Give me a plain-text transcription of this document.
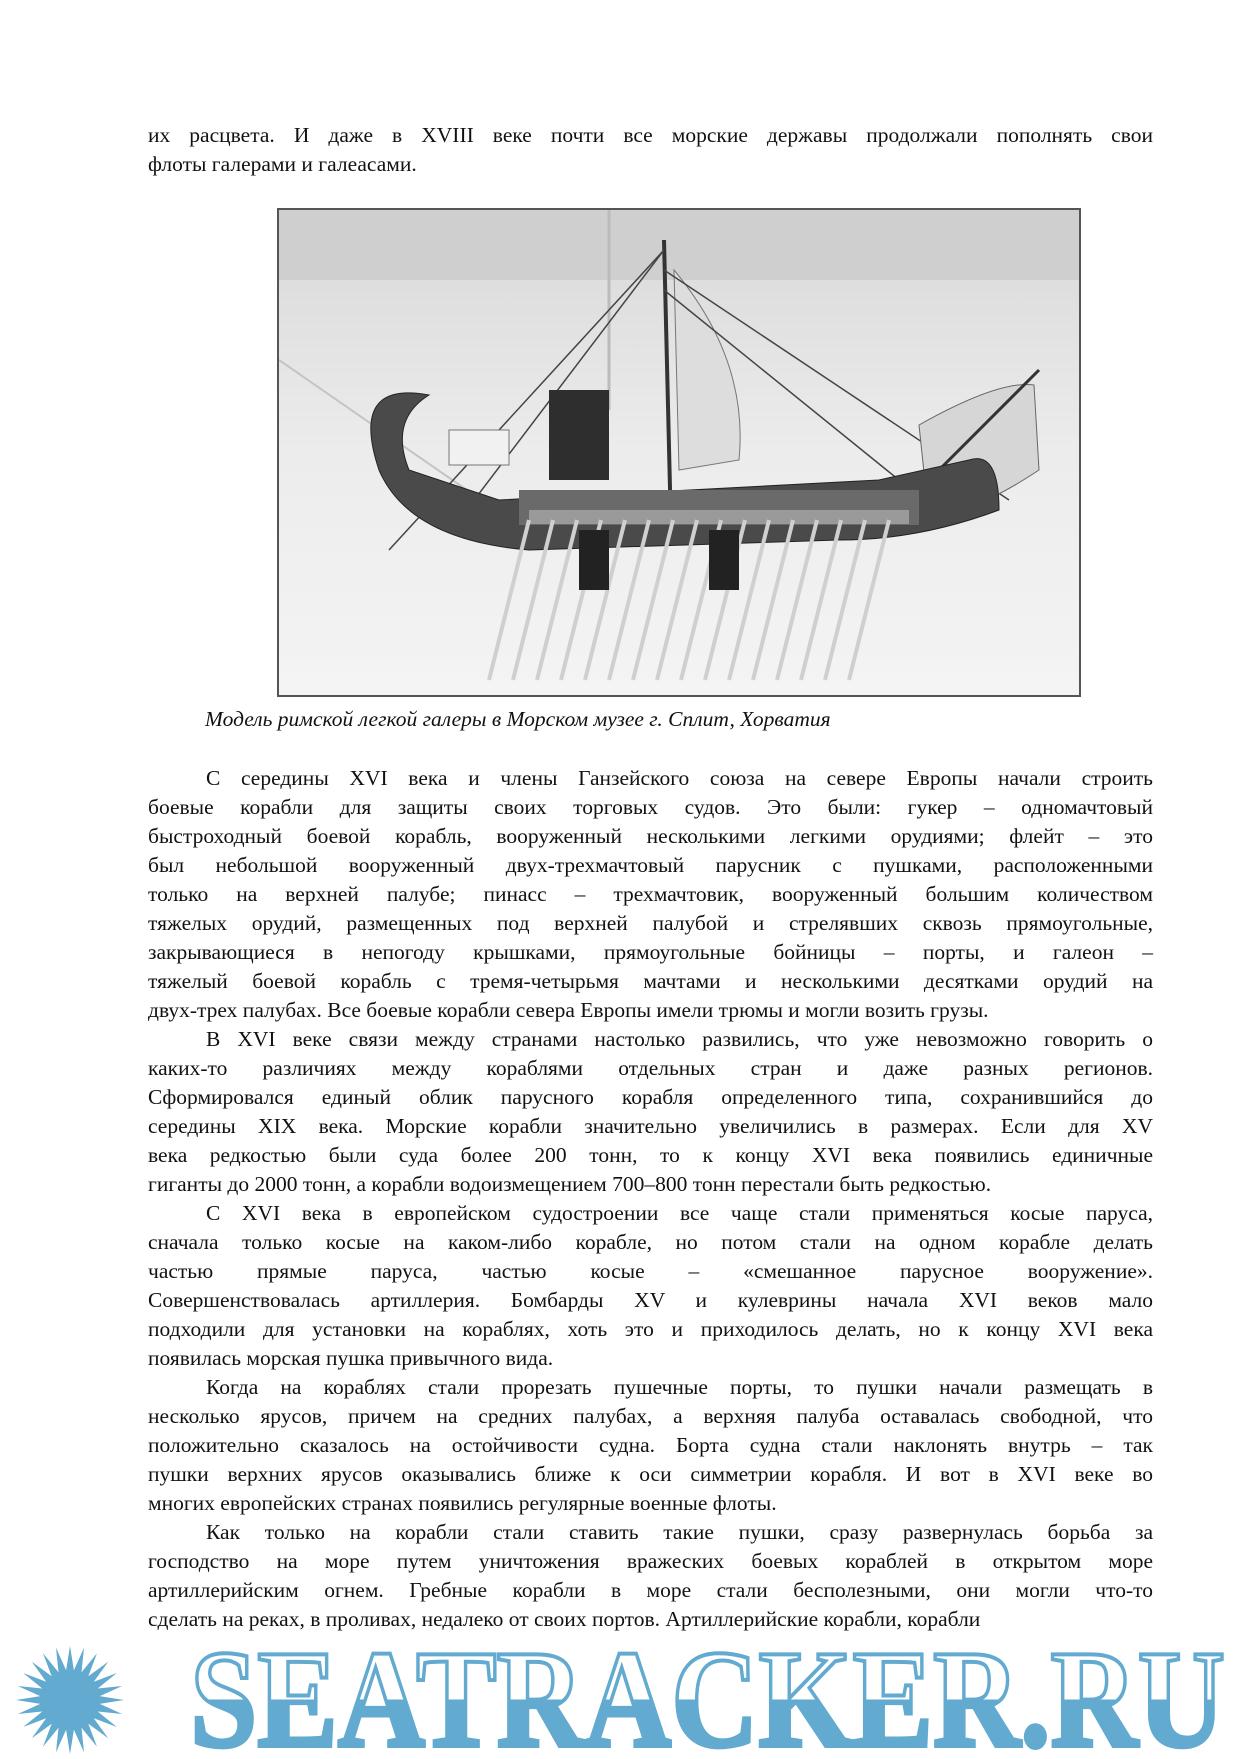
их расцвета. И даже в XVIII веке почти все морские державы продолжали пополнять свои
флоты галерами и галеасами.
Модель римской легкой галеры в Морском музее г. Сплит, Хорватия
С середины XVI века и члены Ганзейского союза на севере Европы начали строить
боевые корабли для защиты своих торговых судов. Это были: гукер – одномачтовый
быстроходный боевой корабль, вооруженный несколькими легкими орудиями; флейт – это
был небольшой вооруженный двух-трехмачтовый парусник с пушками, расположенными
только на верхней палубе; пинасс – трехмачтовик, вооруженный большим количеством
тяжелых орудий, размещенных под верхней палубой и стрелявших сквозь прямоугольные,
закрывающиеся в непогоду крышками, прямоугольные бойницы – порты, и галеон –
тяжелый боевой корабль с тремя-четырьмя мачтами и несколькими десятками орудий на
двух-трех палубах. Все боевые корабли севера Европы имели трюмы и могли возить грузы.
В XVI веке связи между странами настолько развились, что уже невозможно говорить о
каких-то различиях между кораблями отдельных стран и даже разных регионов.
Сформировался единый облик парусного корабля определенного типа, сохранившийся до
середины XIX века. Морские корабли значительно увеличились в размерах. Если для XV
века редкостью были суда более 200 тонн, то к концу XVI века появились единичные
гиганты до 2000 тонн, а корабли водоизмещением 700–800 тонн перестали быть редкостью.
С XVI века в европейском судостроении все чаще стали применяться косые паруса,
сначала только косые на каком-либо корабле, но потом стали на одном корабле делать
частью прямые паруса, частью косые – «смешанное парусное вооружение».
Совершенствовалась артиллерия. Бомбарды XV и кулеврины начала XVI веков мало
подходили для установки на кораблях, хоть это и приходилось делать, но к концу XVI века
появилась морская пушка привычного вида.
Когда на кораблях стали прорезать пушечные порты, то пушки начали размещать в
несколько ярусов, причем на средних палубах, а верхняя палуба оставалась свободной, что
положительно сказалось на остойчивости судна. Борта судна стали наклонять внутрь – так
пушки верхних ярусов оказывались ближе к оси симметрии корабля. И вот в XVI веке во
многих европейских странах появились регулярные военные флоты.
Как только на корабли стали ставить такие пушки, сразу развернулась борьба за
господство на море путем уничтожения вражеских боевых кораблей в открытом море
артиллерийским огнем. Гребные корабли в море стали бесполезными, они могли что-то
сделать на реках, в проливах, недалеко от своих портов. Артиллерийские корабли, корабли
SEATRACKER.RU
